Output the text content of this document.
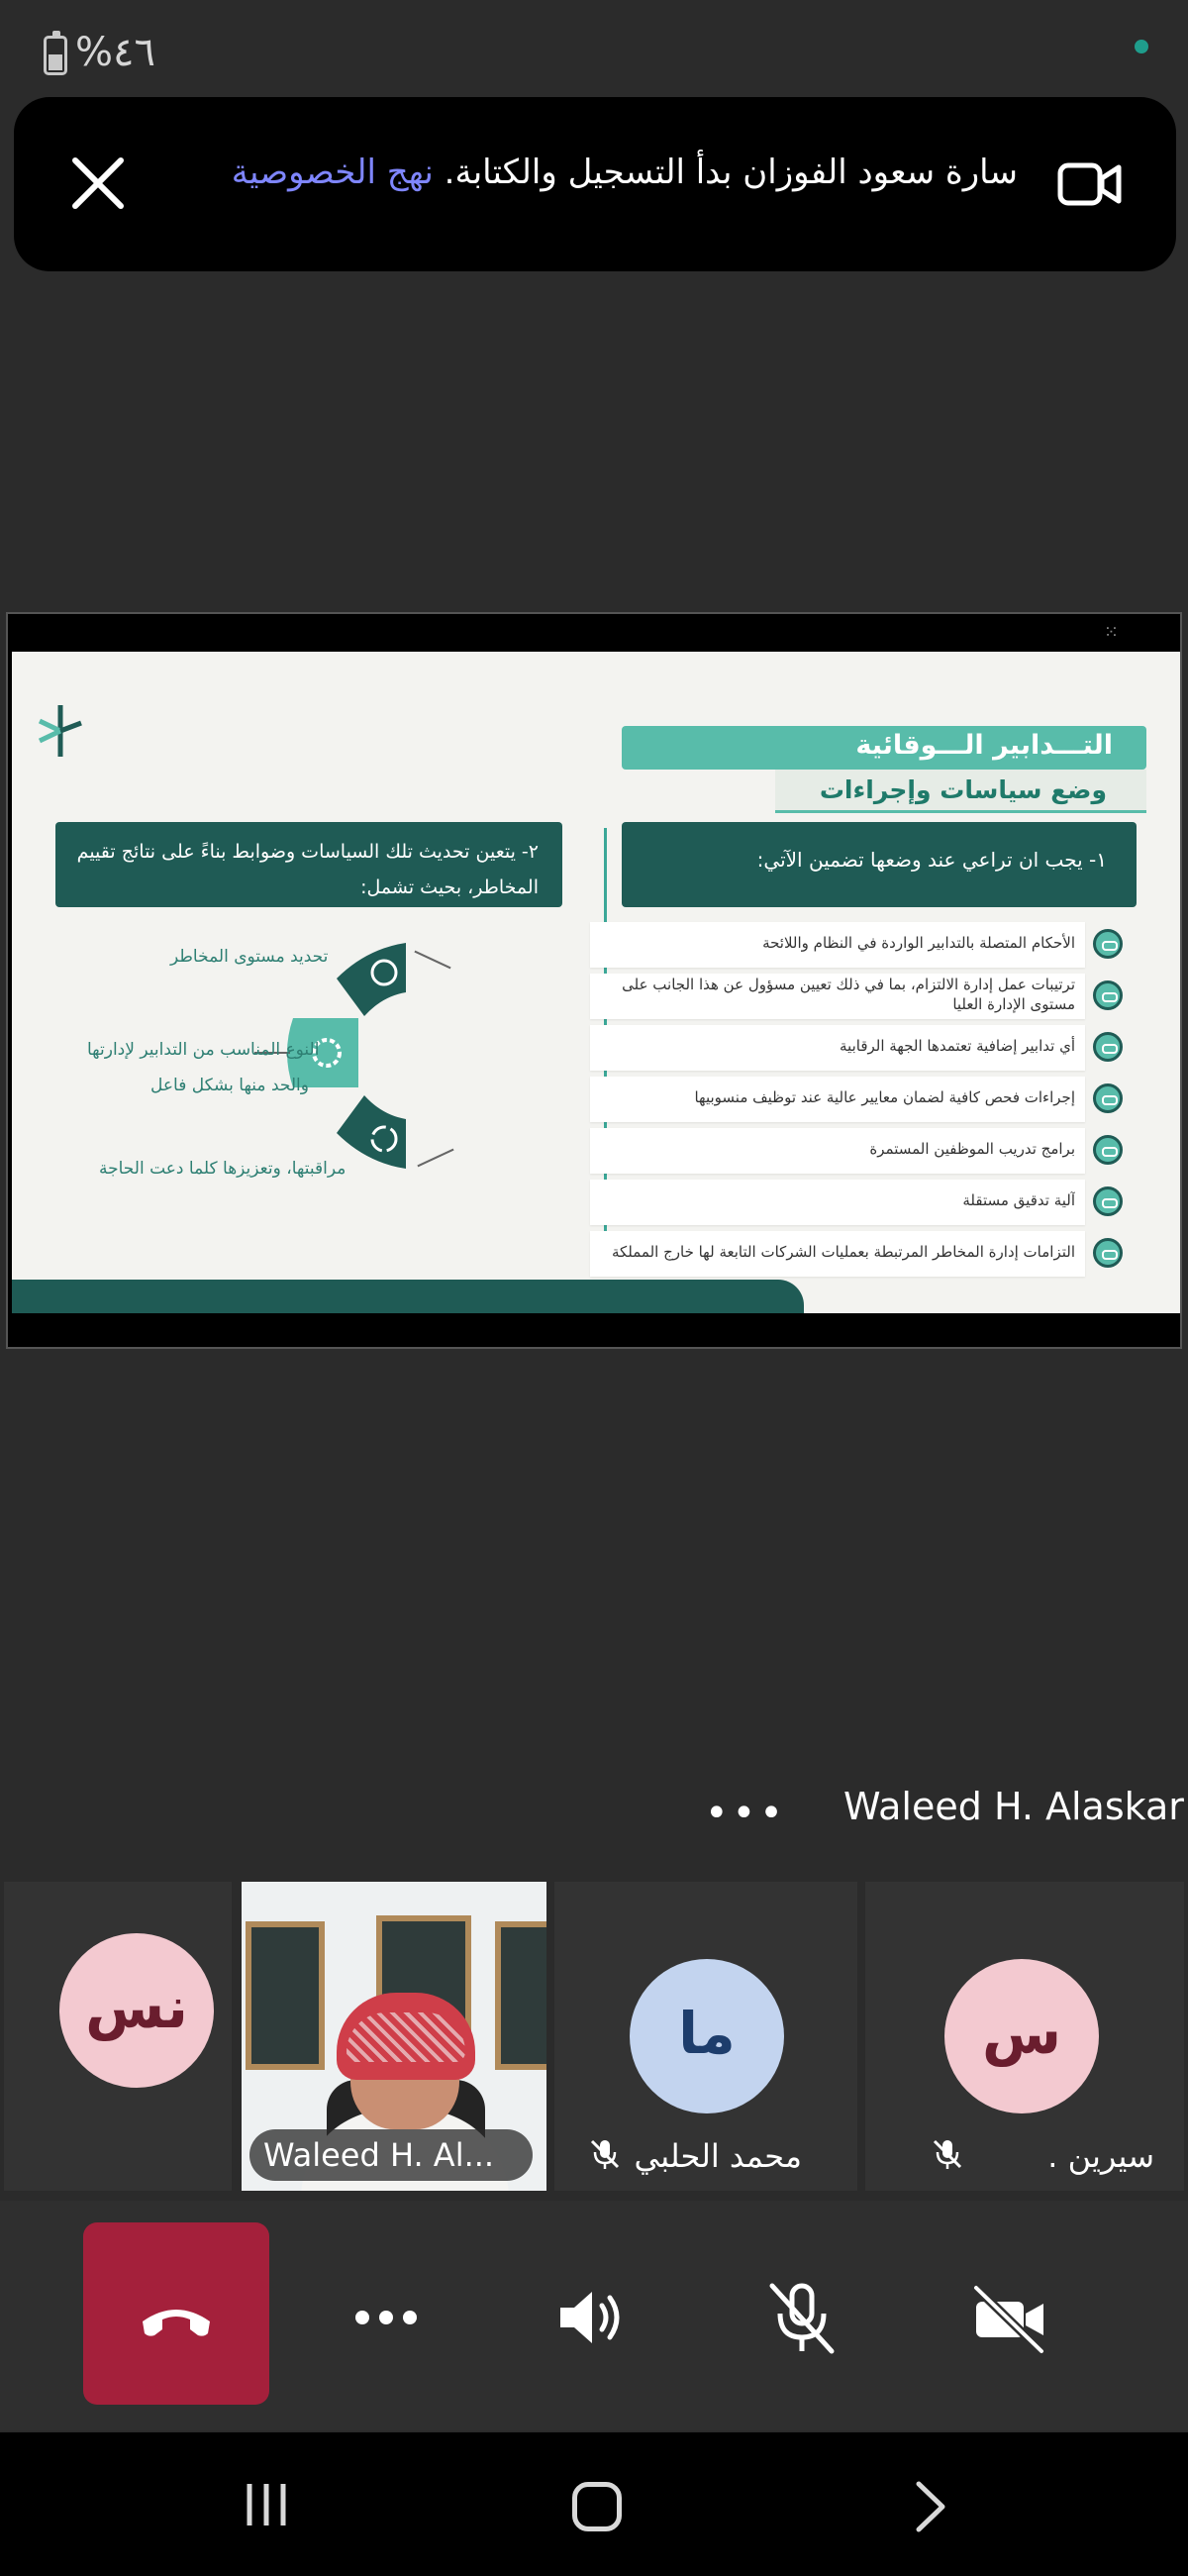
%٤٦
سارة سعود الفوزان بدأ التسجيل والكتابة. نهج الخصوصية
⁙
التـــدابير الـــوقائية
وضع سياسات وإجراءات
١- يجب ان تراعي عند وضعها تضمين الآتي:
٢- يتعين تحديث تلك السياسات وضوابط بناءً على نتائج تقييم المخاطر، بحيث تشمل:
الأحكام المتصلة بالتدابير الواردة في النظام واللائحة
ترتيبات عمل إدارة الالتزام، بما في ذلك تعيين مسؤول عن هذا الجانب على مستوى الإدارة العليا
أي تدابير إضافية تعتمدها الجهة الرقابية
إجراءات فحص كافية لضمان معايير عالية عند توظيف منسوبيها
برامج تدريب الموظفين المستمرة
آلية تدقيق مستقلة
التزامات إدارة المخاطر المرتبطة بعمليات الشركات التابعة لها خارج المملكة
تحديد مستوى المخاطر
النوع المناسب من التدابير لإدارتها
والحد منها بشكل فاعل
مراقبتها، وتعزيزها كلما دعت الحاجة
••• Waleed H. Alaskar
نس
Waleed H. Al...
ما
محمد الحلبي
س
سيرين .
